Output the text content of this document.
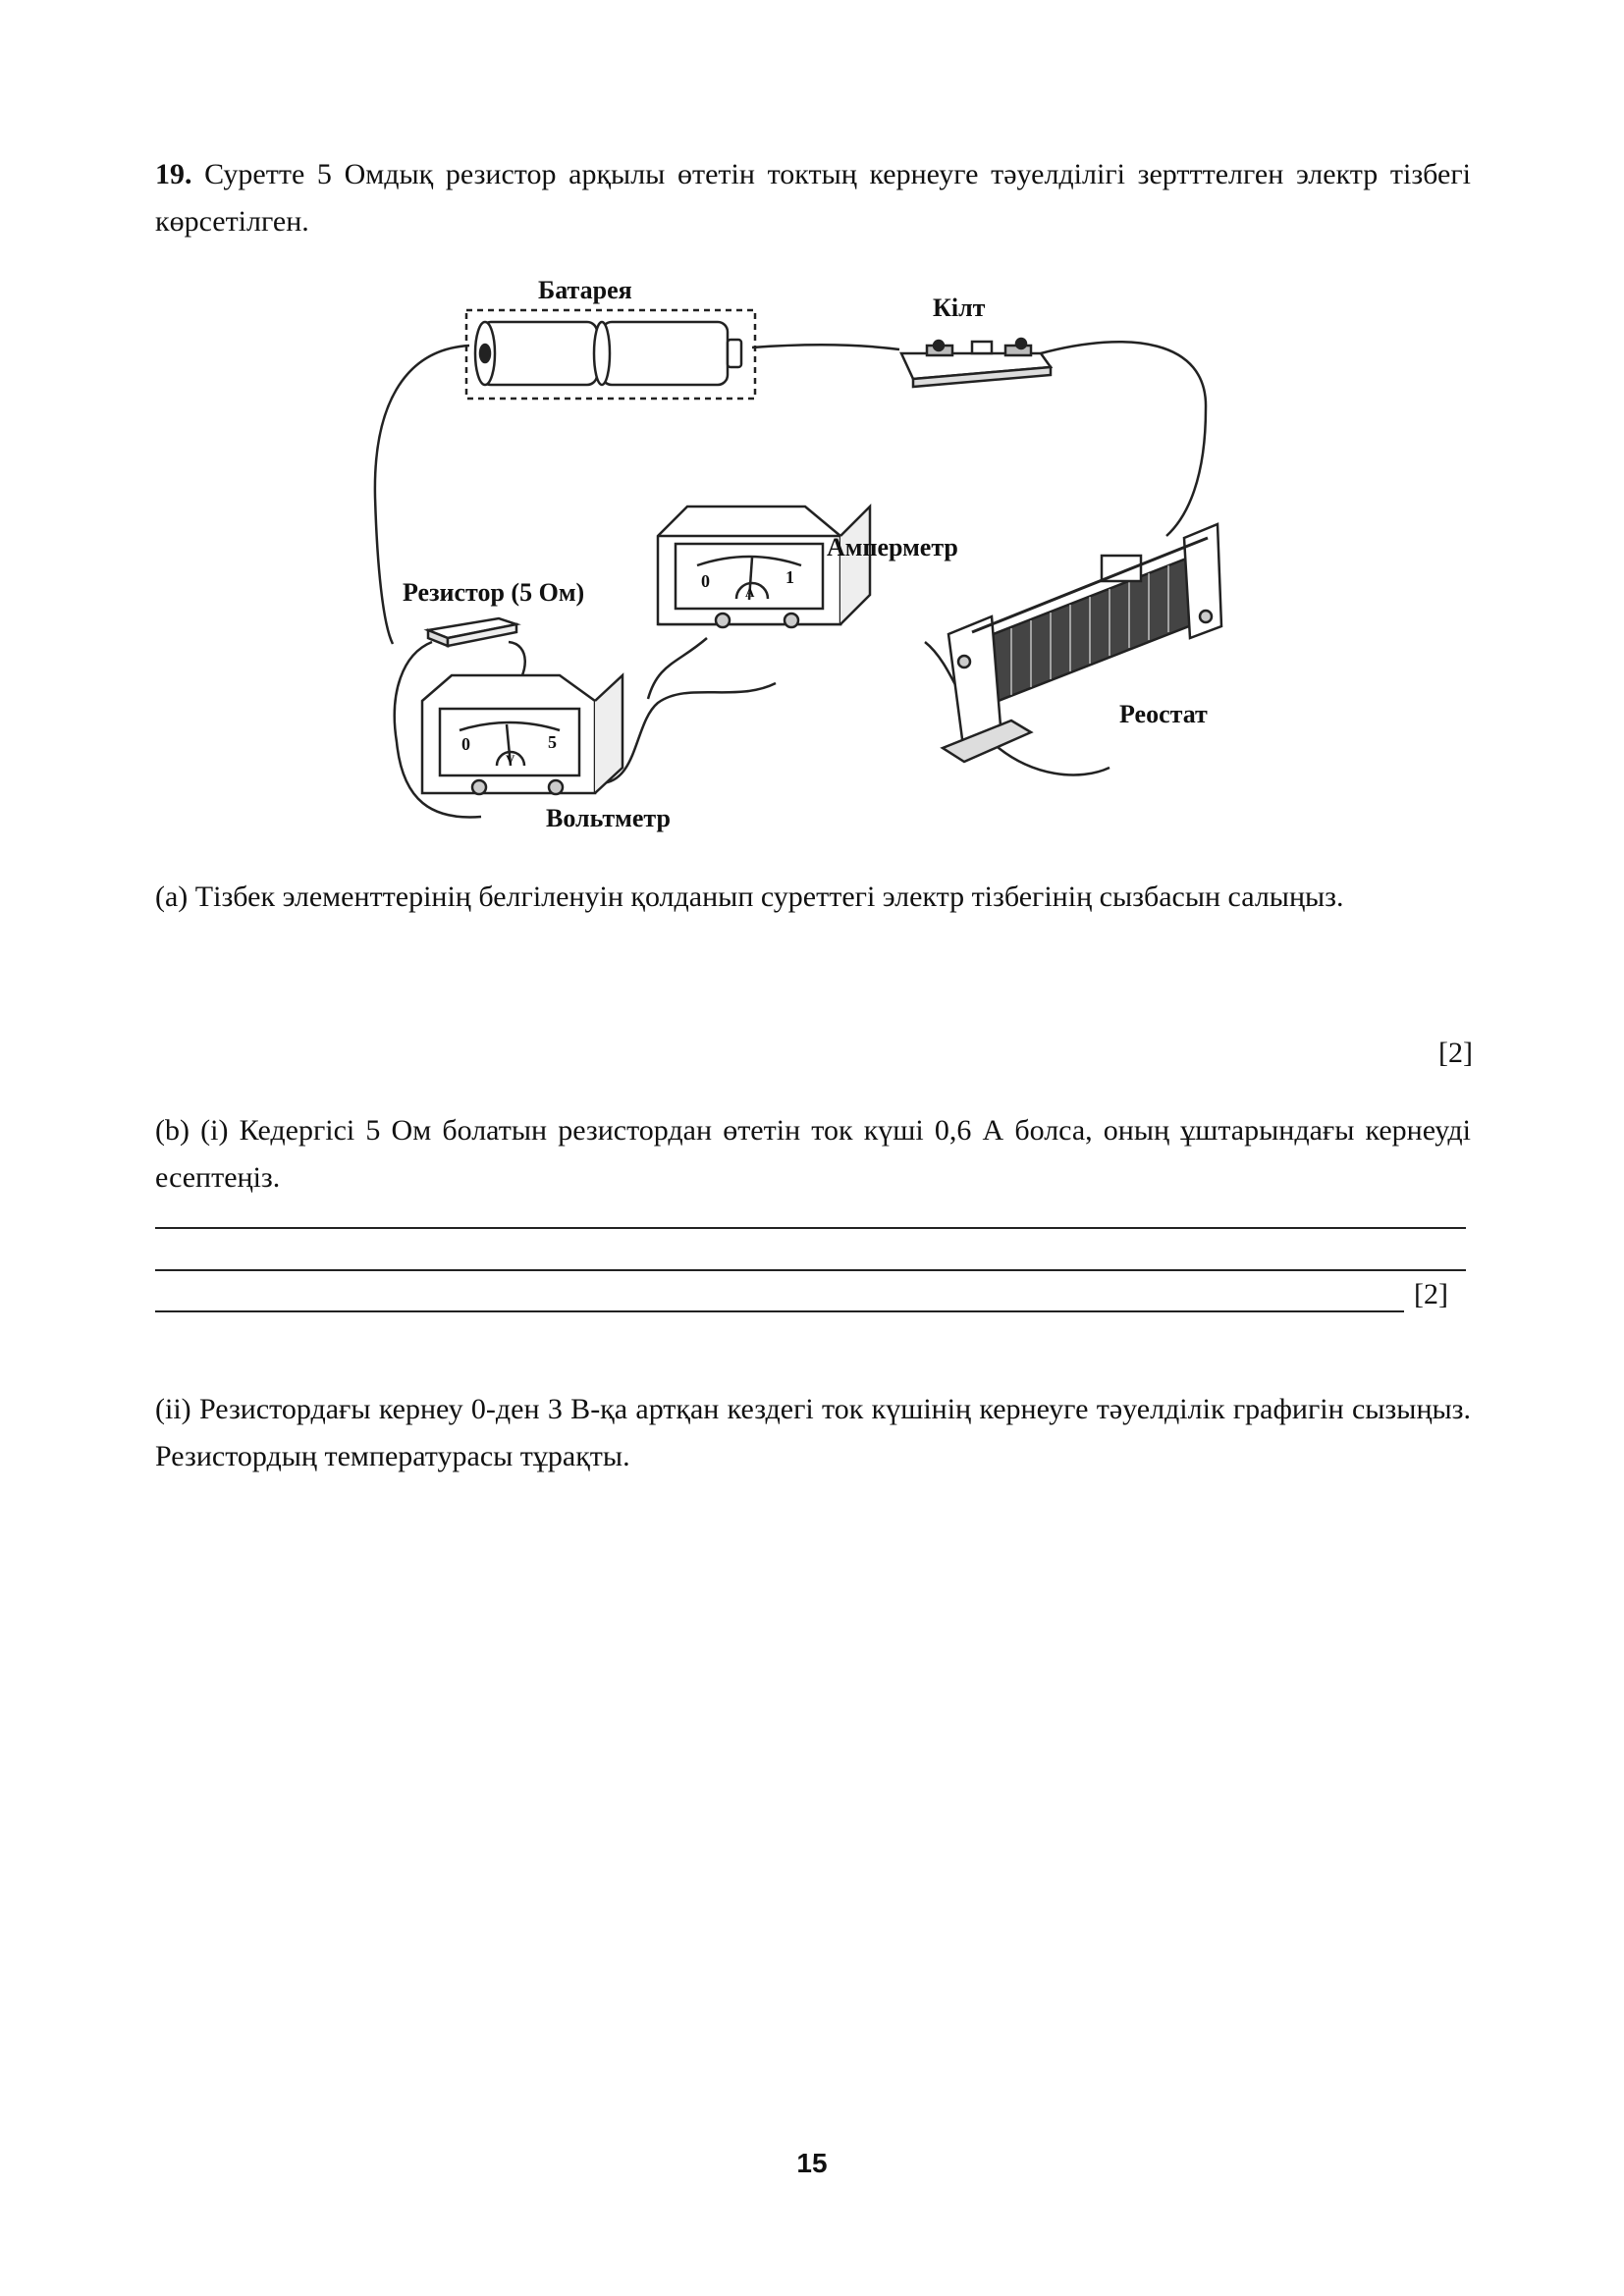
19. Суретте 5 Омдық резистор арқылы өтетін токтың кернеуге тәуелділігі зертттелген электр тізбегі көрсетілген.
Батарея
Кілт
0	1
A
Амперметр
Резистор (5 Ом)
0	5
V
Вольтметр
Реостат
(a) Тізбек элементтерінің белгіленуін қолданып суреттегі электр тізбегінің сызбасын салыңыз.
[2]
(b) (i) Кедергісі 5 Ом болатын резистордан өтетін ток күші 0,6 А болса, оның ұштарындағы кернеуді есептеңіз.
[2]
(ii) Резистордағы кернеу 0-ден 3 В-қа артқан кездегі ток күшінің кернеуге тәуелділік графигін сызыңыз. Резистордың температурасы тұрақты.
15
